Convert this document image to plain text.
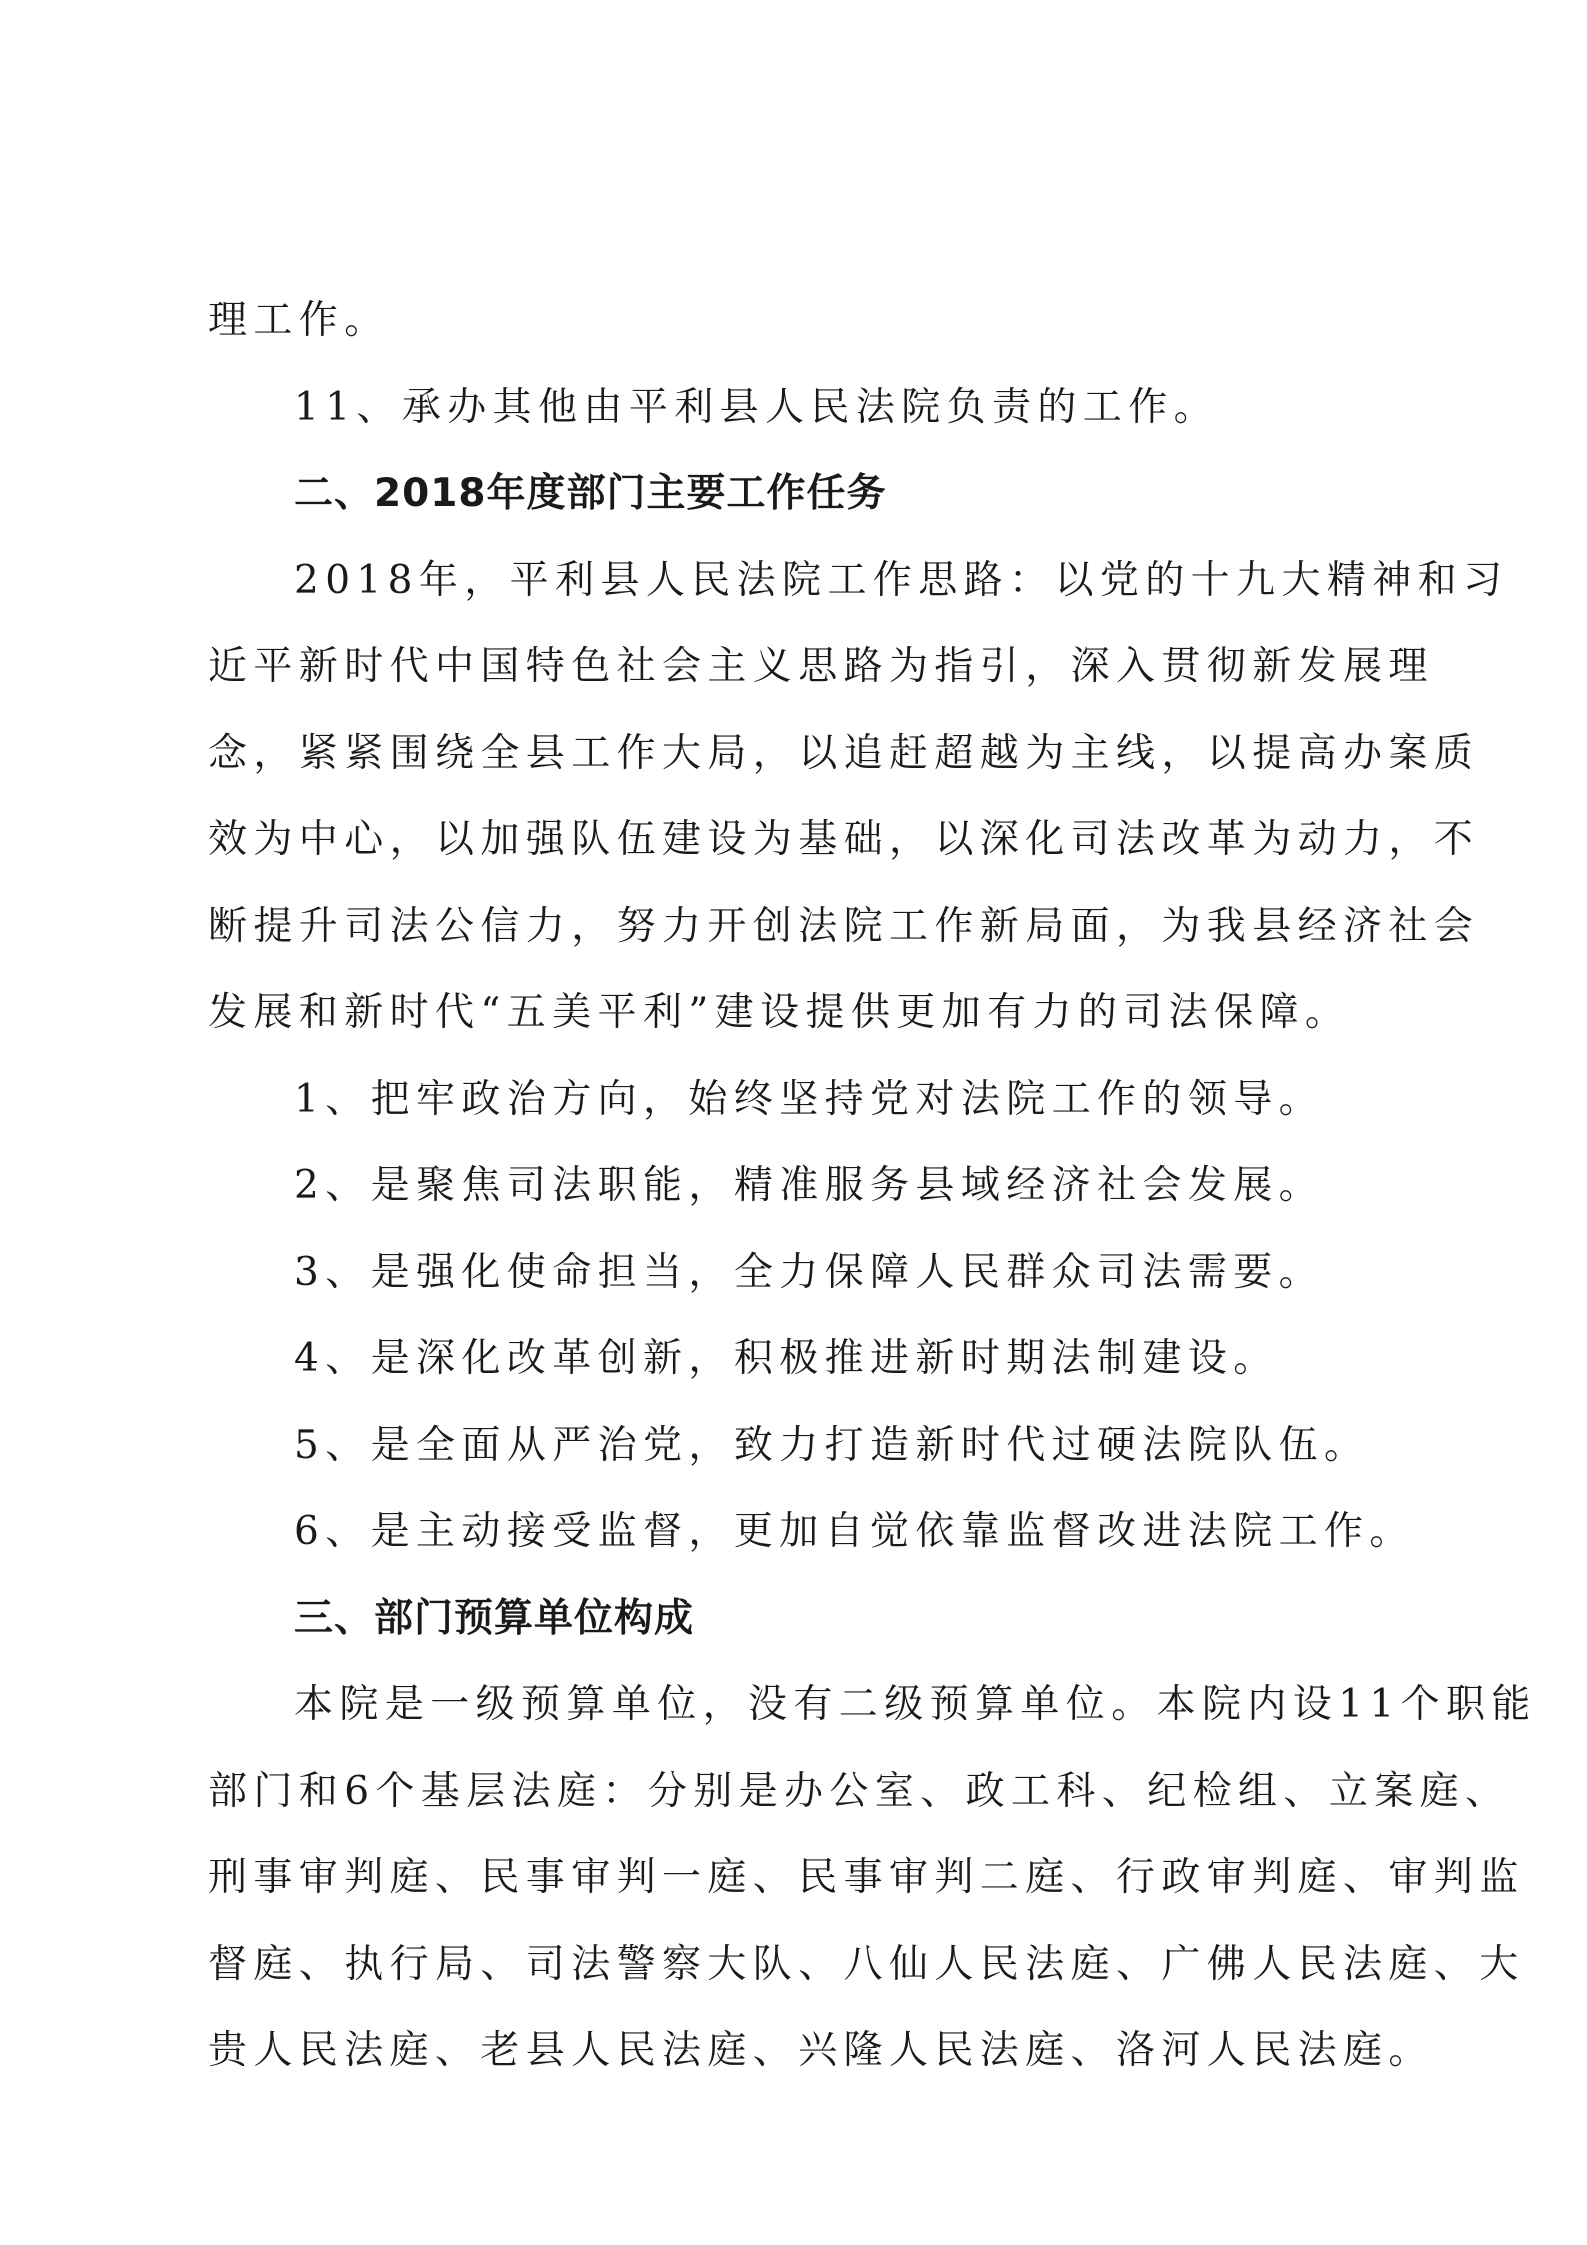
理工作。
11、承办其他由平利县人民法院负责的工作。
二、2018年度部门主要工作任务
2018年，平利县人民法院工作思路：以党的十九大精神和习
近平新时代中国特色社会主义思路为指引，深入贯彻新发展理
念，紧紧围绕全县工作大局，以追赶超越为主线，以提高办案质
效为中心，以加强队伍建设为基础，以深化司法改革为动力，不
断提升司法公信力，努力开创法院工作新局面，为我县经济社会
发展和新时代“五美平利”建设提供更加有力的司法保障。
1、把牢政治方向，始终坚持党对法院工作的领导。
2、是聚焦司法职能，精准服务县域经济社会发展。
3、是强化使命担当，全力保障人民群众司法需要。
4、是深化改革创新，积极推进新时期法制建设。
5、是全面从严治党，致力打造新时代过硬法院队伍。
6、是主动接受监督，更加自觉依靠监督改进法院工作。
三、部门预算单位构成
本院是一级预算单位，没有二级预算单位。本院内设11个职能
部门和6个基层法庭：分别是办公室、政工科、纪检组、立案庭、
刑事审判庭、民事审判一庭、民事审判二庭、行政审判庭、审判监
督庭、执行局、司法警察大队、八仙人民法庭、广佛人民法庭、大
贵人民法庭、老县人民法庭、兴隆人民法庭、洛河人民法庭。
